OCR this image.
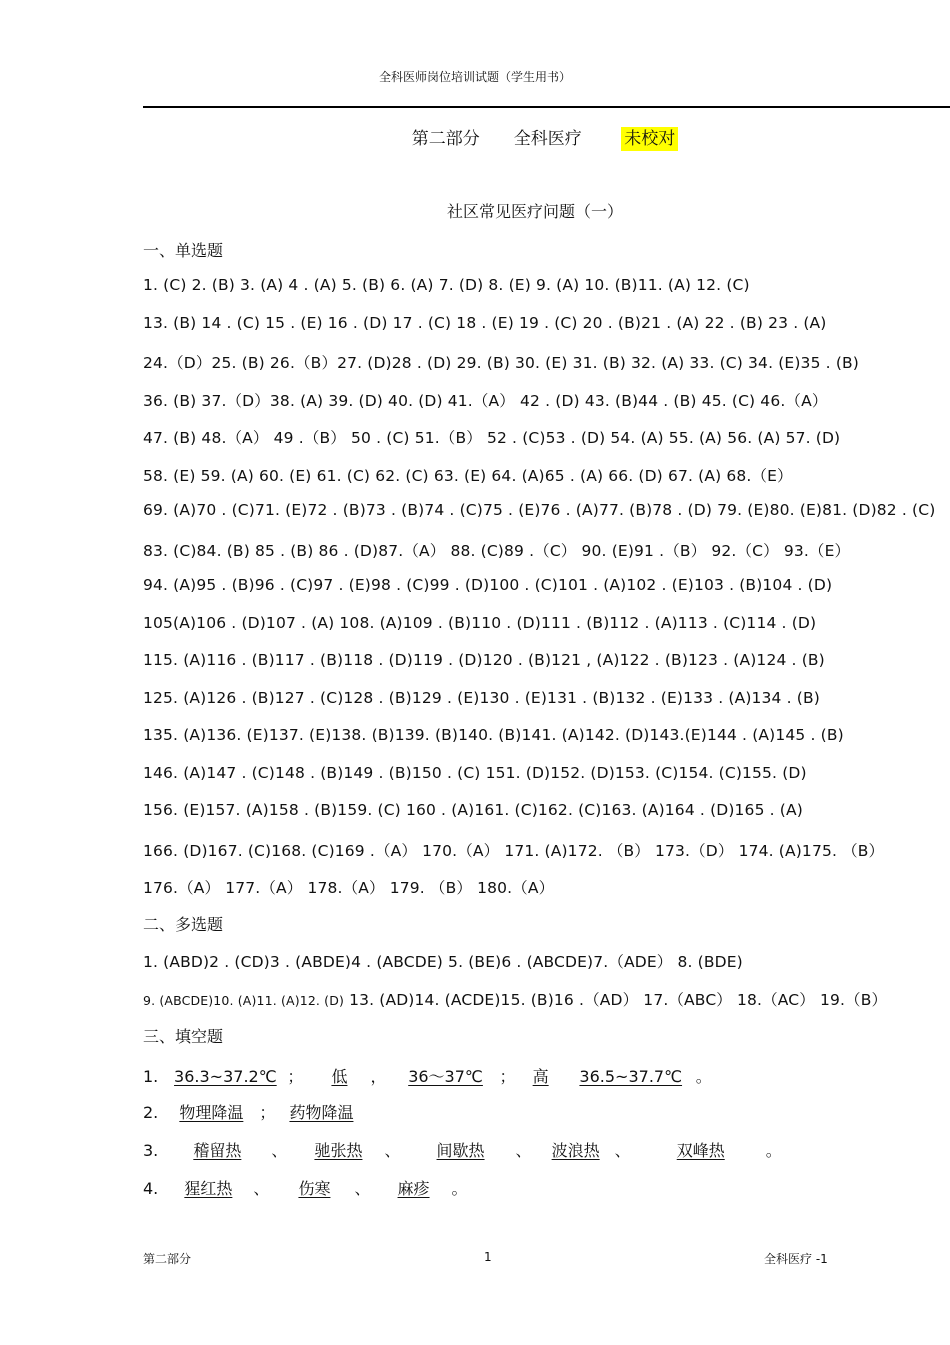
全科医师岗位培训试题（学生用书）
第二部分　　全科医疗　　 未校对
社区常见医疗问题（一）
一、单选题
1. (C) 2. (B) 3. (A) 4 . (A) 5. (B) 6. (A) 7. (D) 8. (E) 9. (A) 10. (B)11. (A) 12. (C)
13. (B) 14 . (C) 15 . (E) 16 . (D) 17 . (C) 18 . (E) 19 . (C) 20 . (B)21 . (A) 22 . (B) 23 . (A)
24.（D）25. (B) 26.（B）27. (D)28 . (D) 29. (B) 30. (E) 31. (B) 32. (A) 33. (C) 34. (E)35 . (B)
36. (B) 37.（D）38. (A) 39. (D) 40. (D) 41.（A） 42 . (D) 43. (B)44 . (B) 45. (C) 46.（A）
47. (B) 48.（A） 49 .（B） 50 . (C) 51.（B） 52 . (C)53 . (D) 54. (A) 55. (A) 56. (A) 57. (D)
58. (E) 59. (A) 60. (E) 61. (C) 62. (C) 63. (E) 64. (A)65 . (A) 66. (D) 67. (A) 68.（E）
69. (A)70 . (C)71. (E)72 . (B)73 . (B)74 . (C)75 . (E)76 . (A)77. (B)78 . (D) 79. (E)80. (E)81. (D)82 . (C)
83. (C)84. (B) 85 . (B) 86 . (D)87.（A） 88. (C)89 .（C） 90. (E)91 .（B） 92.（C） 93.（E）
94. (A)95 . (B)96 . (C)97 . (E)98 . (C)99 . (D)100 . (C)101 . (A)102 . (E)103 . (B)104 . (D)
105(A)106 . (D)107 . (A) 108. (A)109 . (B)110 . (D)111 . (B)112 . (A)113 . (C)114 . (D)
115. (A)116 . (B)117 . (B)118 . (D)119 . (D)120 . (B)121 , (A)122 . (B)123 . (A)124 . (B)
125. (A)126 . (B)127 . (C)128 . (B)129 . (E)130 . (E)131 . (B)132 . (E)133 . (A)134 . (B)
135. (A)136. (E)137. (E)138. (B)139. (B)140. (B)141. (A)142. (D)143.(E)144 . (A)145 . (B)
146. (A)147 . (C)148 . (B)149 . (B)150 . (C) 151. (D)152. (D)153. (C)154. (C)155. (D)
156. (E)157. (A)158 . (B)159. (C) 160 . (A)161. (C)162. (C)163. (A)164 . (D)165 . (A)
166. (D)167. (C)168. (C)169 .（A） 170.（A） 171. (A)172. （B） 173.（D） 174. (A)175. （B）
176.（A） 177.（A） 178.（A） 179. （B） 180.（A）
二、多选题
1. (ABD)2 . (CD)3 . (ABDE)4 . (ABCDE) 5. (BE)6 . (ABCDE)7.（ADE） 8. (BDE)
9. (ABCDE)10. (A)11. (A)12. (D) 13. (AD)14. (ACDE)15. (B)16 .（AD） 17.（ABC） 18.（AC） 19.（B）
三、填空题
1. 36.3~37.2℃ ； 低 ， 36～37℃ ； 高 36.5~37.7℃ 。
2. 物理降温 ； 药物降温
3. 稽留热 、 驰张热 、 间歇热 、 波浪热 、	双峰热	。
4. 猩红热 、 伤寒 、 麻疹 。
第二部分	1	全科医疗 -1
